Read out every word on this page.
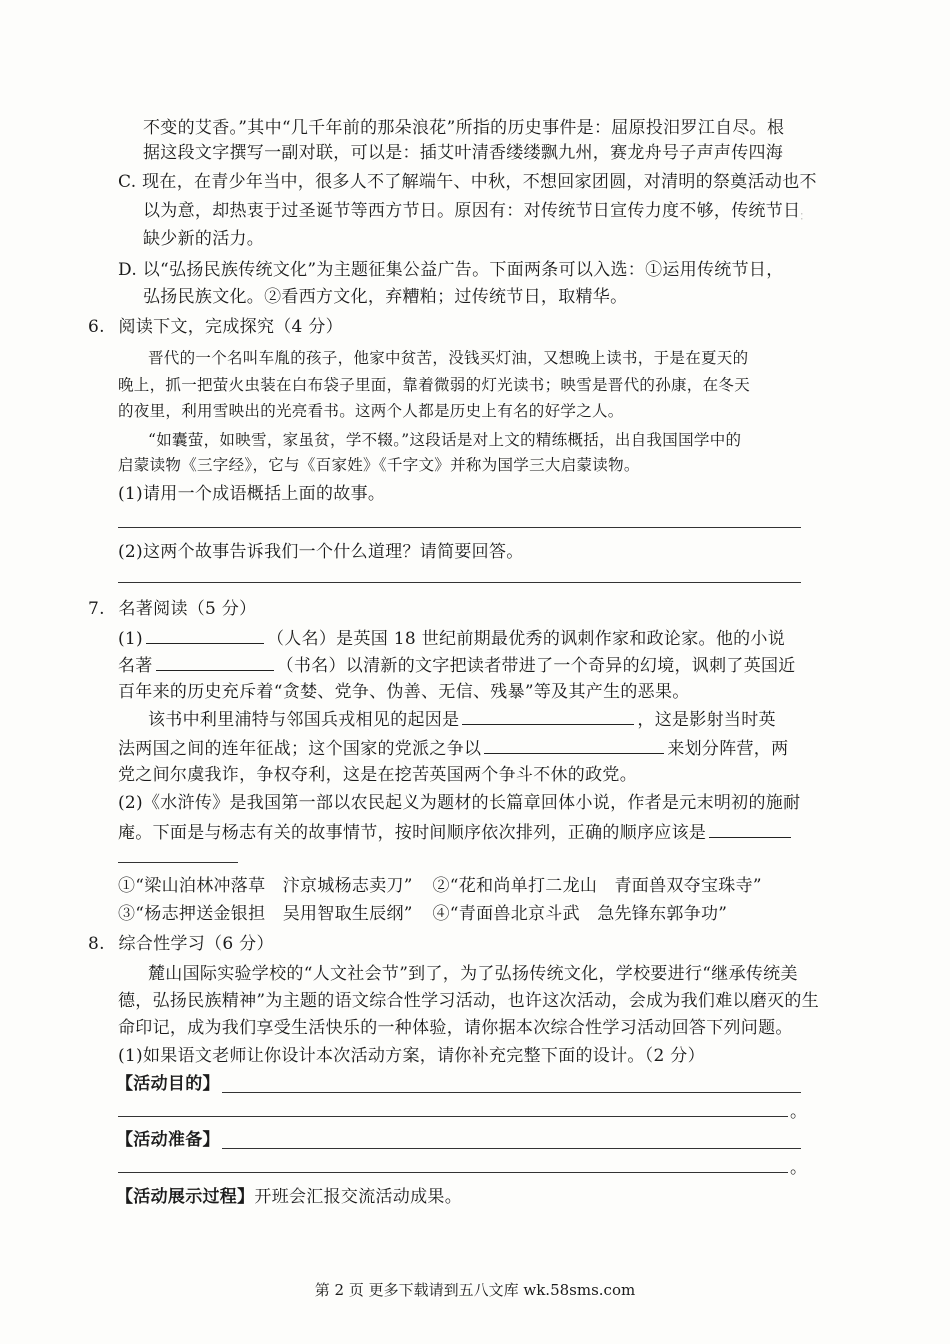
∶
不变的艾香。”其中“几千年前的那朵浪花”所指的历史事件是：屈原投汨罗江自尽。根
据这段文字撰写一副对联，可以是：插艾叶清香缕缕飘九州，赛龙舟号子声声传四海
C. 现在，在青少年当中，很多人不了解端午、中秋，不想回家团圆，对清明的祭奠活动也不
以为意，却热衷于过圣诞节等西方节日。原因有：对传统节日宣传力度不够，传统节日
缺少新的活力。
D. 以“弘扬民族传统文化”为主题征集公益广告。下面两条可以入选：①运用传统节日，
弘扬民族文化。②看西方文化，弃糟粕；过传统节日，取精华。
6. 阅读下文，完成探究（4 分）
晋代的一个名叫车胤的孩子，他家中贫苦，没钱买灯油，又想晚上读书，于是在夏天的
晚上，抓一把萤火虫装在白布袋子里面，靠着微弱的灯光读书；映雪是晋代的孙康，在冬天
的夜里，利用雪映出的光亮看书。这两个人都是历史上有名的好学之人。
“如囊萤，如映雪，家虽贫，学不辍。”这段话是对上文的精练概括，出自我国国学中的
启蒙读物《三字经》，它与《百家姓》《千字文》并称为国学三大启蒙读物。
(1)请用一个成语概括上面的故事。
(2)这两个故事告诉我们一个什么道理？请简要回答。
7. 名著阅读（5 分）
(1)	（人名）是英国 18 世纪前期最优秀的讽刺作家和政论家。他的小说
名著	（书名）以清新的文字把读者带进了一个奇异的幻境，讽刺了英国近
百年来的历史充斥着“贪婪、党争、伪善、无信、残暴”等及其产生的恶果。
该书中利里浦特与邻国兵戎相见的起因是	，这是影射当时英
法两国之间的连年征战；这个国家的党派之争以	来划分阵营，两
党之间尔虞我诈，争权夺利，这是在挖苦英国两个争斗不休的政党。
(2)《水浒传》是我国第一部以农民起义为题材的长篇章回体小说，作者是元末明初的施耐
庵。下面是与杨志有关的故事情节，按时间顺序依次排列，正确的顺序应该是
①“梁山泊林冲落草　汴京城杨志卖刀” ②“花和尚单打二龙山　青面兽双夺宝珠寺”
③“杨志押送金银担　吴用智取生辰纲” ④“青面兽北京斗武　急先锋东郭争功”
8. 综合性学习（6 分）
麓山国际实验学校的“人文社会节”到了，为了弘扬传统文化，学校要进行“继承传统美
德，弘扬民族精神”为主题的语文综合性学习活动，也许这次活动，会成为我们难以磨灭的生
命印记，成为我们享受生活快乐的一种体验，请你据本次综合性学习活动回答下列问题。
(1)如果语文老师让你设计本次活动方案，请你补充完整下面的设计。（2 分）
【活动目的】
。
【活动准备】
。
【活动展示过程】开班会汇报交流活动成果。
第 2 页 更多下载请到五八文库 wk.58sms.com
